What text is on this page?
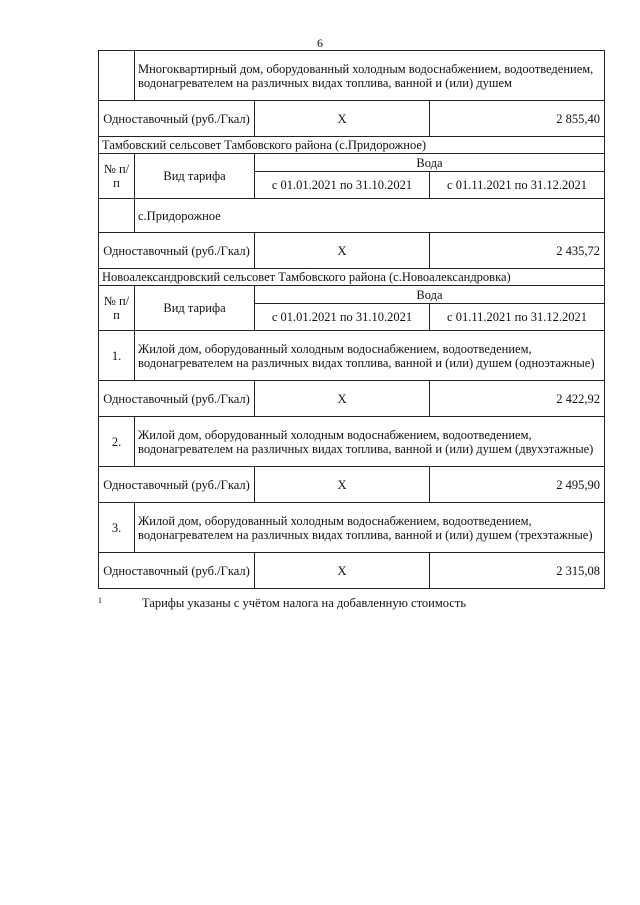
6
	Многоквартирный дом, оборудованный холодным водоснабжением, водоотведением, водонагревателем на различных видах топлива, ванной и (или) душем		
Одноставочный (руб./Гкал)		Х	2 855,40
Тамбовский сельсовет Тамбовского района (с.Придорожное)			
№ п/п	Вид тарифа	Вода	
		с 01.01.2021 по 31.10.2021	с 01.11.2021 по 31.12.2021
	с.Придорожное		
Одноставочный (руб./Гкал)		Х	2 435,72
Новоалександровский сельсовет Тамбовского района (с.Новоалександровка)			
№ п/п	Вид тарифа	Вода	
		с 01.01.2021 по 31.10.2021	с 01.11.2021 по 31.12.2021
1.	Жилой дом, оборудованный холодным водоснабжением, водоотведением, водонагревателем на различных видах топлива, ванной и (или) душем (одноэтажные)		
Одноставочный (руб./Гкал)		Х	2 422,92
2.	Жилой дом, оборудованный холодным водоснабжением, водоотведением, водонагревателем на различных видах топлива, ванной и (или) душем (двухэтажные)		
Одноставочный (руб./Гкал)		Х	2 495,90
3.	Жилой дом, оборудованный холодным водоснабжением, водоотведением, водонагревателем на различных видах топлива, ванной и (или) душем (трехэтажные)		
Одноставочный (руб./Гкал)		Х	2 315,08
1	Тарифы указаны с учётом налога на добавленную стоимость
